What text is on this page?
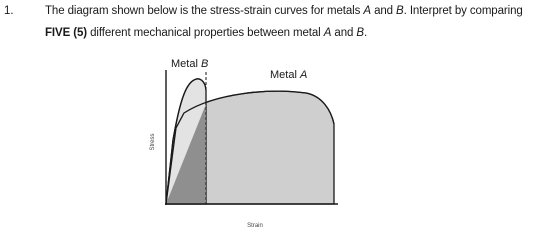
1.	The diagram shown below is the stress-strain curves for metals A and B. Interpret by comparing
FIVE (5) different mechanical properties between metal A and B.
Metal B
Metal A
Stress
Strain
